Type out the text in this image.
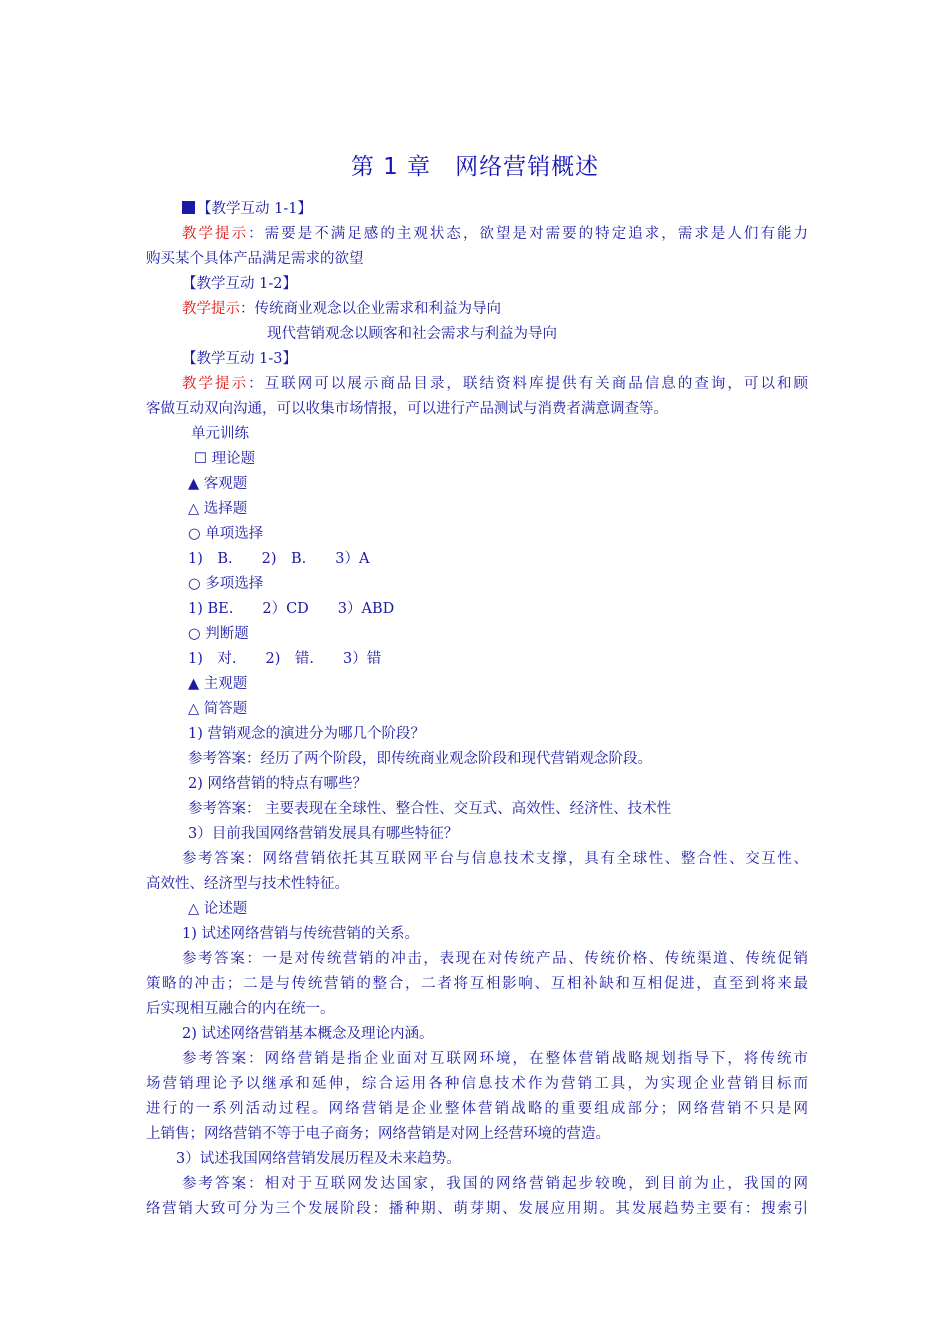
第 1 章　网络营销概述
【教学互动 1-1】
教学提示：需要是不满足感的主观状态，欲望是对需要的特定追求，需求是人们有能力
购买某个具体产品满足需求的欲望
【教学互动 1-2】
教学提示：传统商业观念以企业需求和利益为导向
现代营销观念以顾客和社会需求与利益为导向
【教学互动 1-3】
教学提示：互联网可以展示商品目录，联结资料库提供有关商品信息的查询，可以和顾
客做互动双向沟通，可以收集市场情报，可以进行产品测试与消费者满意调查等。
单元训练
☐ 理论题
▲ 客观题
△ 选择题
○ 单项选择
1)　B.　　2)　B.　　3）A
○ 多项选择
1) BE.　　2）CD　　3）ABD
○ 判断题
1)　对.　　2)　错.　　3）错
▲ 主观题
△ 简答题
1) 营销观念的演进分为哪几个阶段？
参考答案：经历了两个阶段，即传统商业观念阶段和现代营销观念阶段。
2) 网络营销的特点有哪些？
参考答案： 主要表现在全球性、整合性、交互式、高效性、经济性、技术性
3）目前我国网络营销发展具有哪些特征？
参考答案：网络营销依托其互联网平台与信息技术支撑，具有全球性、整合性、交互性、
高效性、经济型与技术性特征。
△ 论述题
1) 试述网络营销与传统营销的关系。
参考答案：一是对传统营销的冲击，表现在对传统产品、传统价格、传统渠道、传统促销
策略的冲击；二是与传统营销的整合，二者将互相影响、互相补缺和互相促进，直至到将来最
后实现相互融合的内在统一。
2) 试述网络营销基本概念及理论内涵。
参考答案：网络营销是指企业面对互联网环境，在整体营销战略规划指导下，将传统市
场营销理论予以继承和延伸，综合运用各种信息技术作为营销工具，为实现企业营销目标而
进行的一系列活动过程。网络营销是企业整体营销战略的重要组成部分；网络营销不只是网
上销售；网络营销不等于电子商务；网络营销是对网上经营环境的营造。
3）试述我国网络营销发展历程及未来趋势。
参考答案：相对于互联网发达国家，我国的网络营销起步较晚，到目前为止，我国的网
络营销大致可分为三个发展阶段：播种期、萌芽期、发展应用期。其发展趋势主要有：搜索引
